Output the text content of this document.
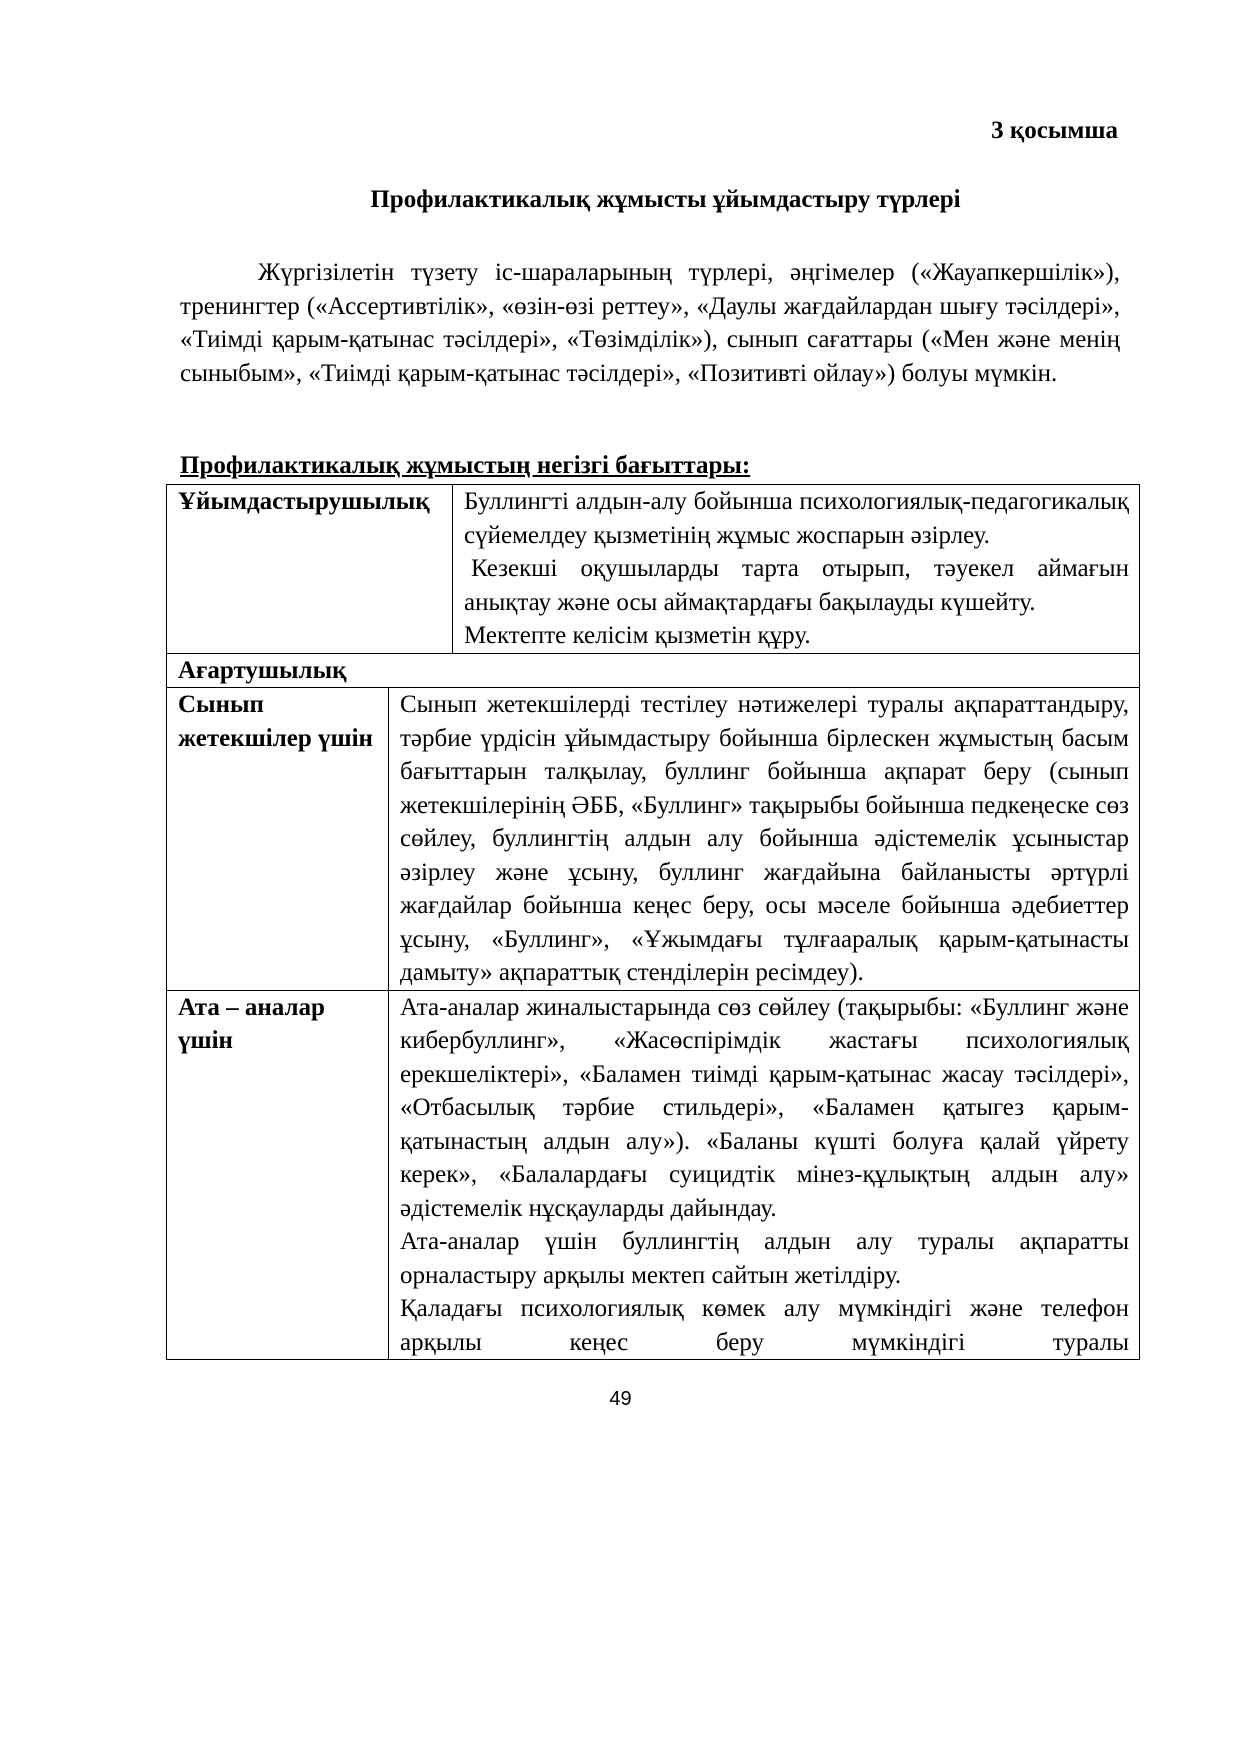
3 қосымша
Профилактикалық жұмысты ұйымдастыру түрлері

Жүргізілетін түзету іс-шараларының түрлері, әңгімелер («Жауапкершілік»), тренингтер («Ассертивтілік», «өзін-өзі реттеу», «Даулы жағдайлардан шығу тәсілдері», «Тиімді қарым-қатынас тәсілдері», «Төзімділік»), сынып сағаттары («Мен және менің сыныбым», «Тиімді қарым-қатынас тәсілдері», «Позитивті ойлау») болуы мүмкін.

Профилактикалық жұмыстың негізгі бағыттары:
Ұйымдастырушылық		Буллингті алдын-алу бойынша психологиялық-педагогикалық сүйемелдеу қызметінің жұмыс жоспарын әзірлеу.

Кезекші оқушыларды тарта отырып, тәуекел аймағын анықтау және осы аймақтардағы бақылауды күшейту.

Мектепте келісім қызметін құру.

Ағартушылық		
Сынып жетекшілер үшін	Сынып жетекшілерді тестілеу нәтижелері туралы ақпараттандыру, тәрбие үрдісін ұйымдастыру бойынша бірлескен жұмыстың басым бағыттарын талқылау, буллинг бойынша ақпарат беру (сынып жетекшілерінің ӘББ, «Буллинг» тақырыбы бойынша педкеңеске сөз сөйлеу, буллингтің алдын алу бойынша әдістемелік ұсыныстар әзірлеу және ұсыну, буллинг жағдайына байланысты әртүрлі жағдайлар бойынша кеңес беру, осы мәселе бойынша әдебиеттер ұсыну, «Буллинг», «Ұжымдағы тұлғааралық қарым-қатынасты дамыту» ақпараттық стенділерін ресімдеу).	

Ата – аналар үшін	Ата-аналар жиналыстарында сөз сөйлеу (тақырыбы: «Буллинг және кибербуллинг», «Жасөспірімдік жастағы психологиялық ерекшеліктері», «Баламен тиімді қарым-қатынас жасау тәсілдері», «Отбасылық тәрбие стильдері», «Баламен қатыгез қарым-қатынастың алдын алу»). «Баланы күшті болуға қалай үйрету керек», «Балалардағы суицидтік мінез-құлықтың алдын алу» әдістемелік нұсқауларды дайындау.

Ата-аналар үшін буллингтің алдын алу туралы ақпаратты орналастыру арқылы мектеп сайтын жетілдіру.

Қаладағы психологиялық көмек алу мүмкіндігі және телефон арқылы кеңес беру мүмкіндігі туралы	

49
